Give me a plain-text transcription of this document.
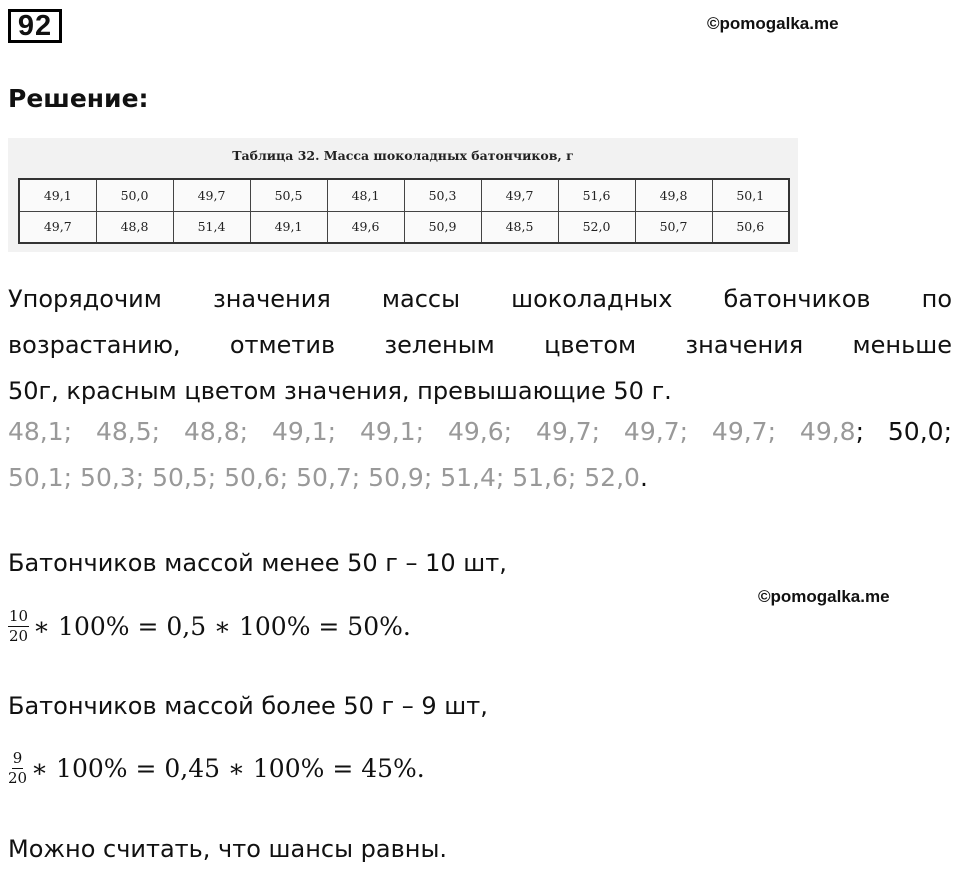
92	©pomogalka.me
Решение:
Таблица 32. Масса шоколадных батончиков, г
49,1	50,0	49,7	50,5	48,1	50,3	49,7	51,6	49,8	50,1
49,7	48,8	51,4	49,1	49,6	50,9	48,5	52,0	50,7	50,6
Упорядочим значения массы шоколадных батончиков по
возрастанию, отметив зеленым цветом значения меньше
50г, красным цветом значения, превышающие 50 г.
48,1; 48,5; 48,8; 49,1; 49,1; 49,6; 49,7; 49,7; 49,7; 49,8; 50,0;
50,1; 50,3; 50,5; 50,6; 50,7; 50,9; 51,4; 51,6; 52,0.
Батончиков массой менее 50 г – 10 шт,
©pomogalka.me
$\frac{10}{20}$ ∗ 100% = 0,5 ∗ 100% = 50%.
Батончиков массой более 50 г – 9 шт,
$\frac{9}{20}$ ∗ 100% = 0,45 ∗ 100% = 45%.
Можно считать, что шансы равны.
